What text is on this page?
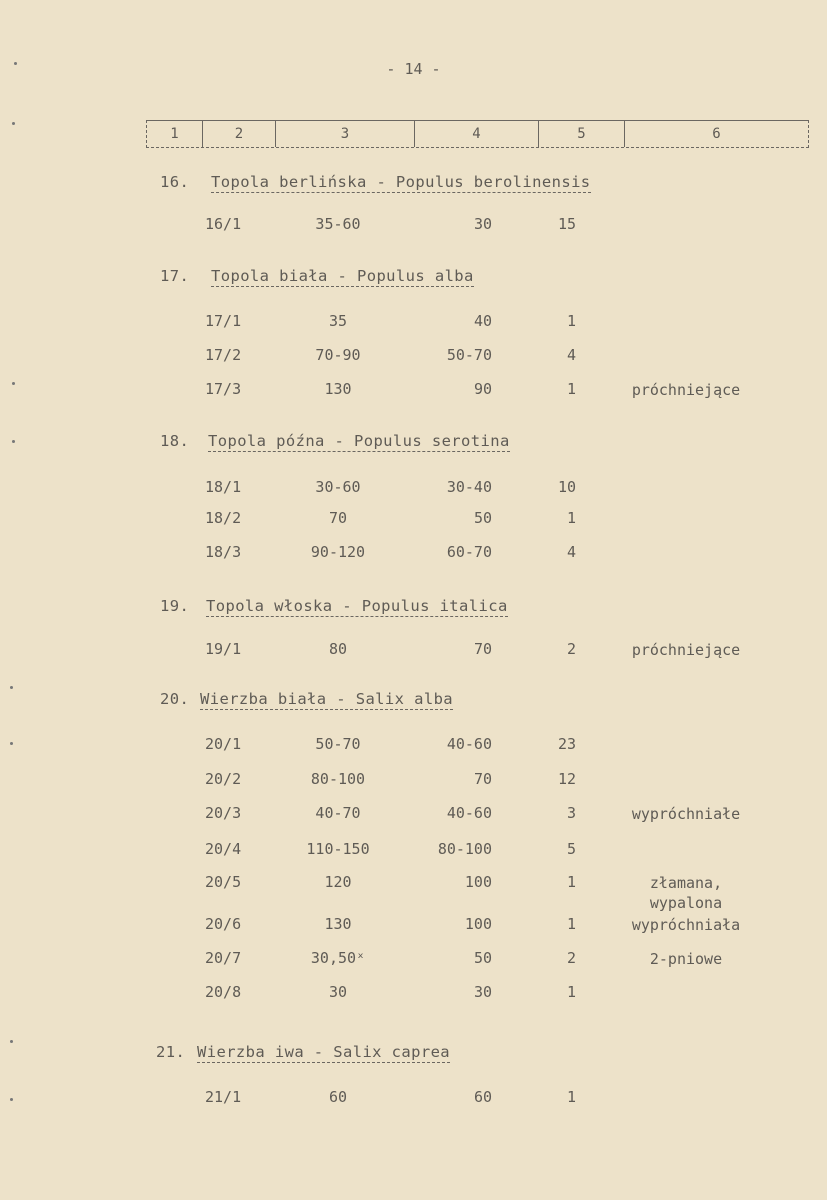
- 14 -
1	2	3	4	5	6
16. Topola berlińska - Populus berolinensis
16/1	35-60	30	15
17. Topola biała - Populus alba
17/1	35	40	1
17/2	70-90	50-70	4
17/3	130	90	1	próchniejące
18. Topola późna - Populus serotina
18/1	30-60	30-40	10
18/2	70	50	1
18/3	90-120	60-70	4
19. Topola włoska - Populus italica
19/1	80	70	2	próchniejące
20. Wierzba biała - Salix alba
20/1	50-70	40-60	23
20/2	80-100	70	12
20/3	40-70	40-60	3	wypróchniałe
20/4	110-150	80-100	5
20/5	120	100	1	złamana,
wypalona
20/6	130	100	1	wypróchniała
20/7	30,50ˣ	50	2	2-pniowe
20/8	30	30	1
21. Wierzba iwa - Salix caprea
21/1	60	60	1
